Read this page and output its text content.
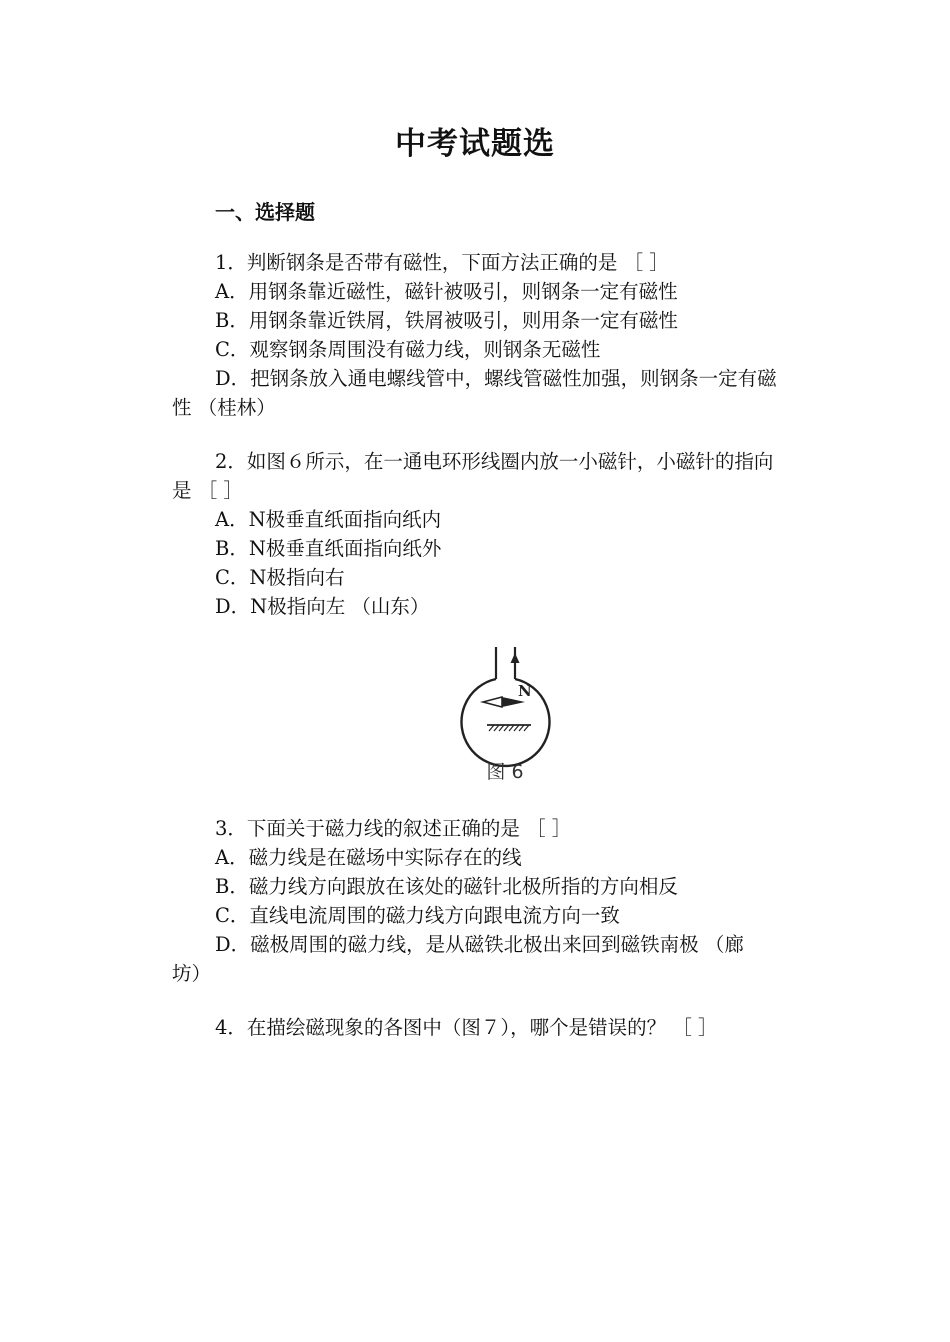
中考试题选
一、选择题
1．判断钢条是否带有磁性，下面方法正确的是 ［ ］
A．用钢条靠近磁性，磁针被吸引，则钢条一定有磁性
B．用钢条靠近铁屑，铁屑被吸引，则用条一定有磁性
C．观察钢条周围没有磁力线，则钢条无磁性
D．把钢条放入通电螺线管中，螺线管磁性加强，则钢条一定有磁
性 （桂林）
2．如图６所示，在一通电环形线圈内放一小磁针，小磁针的指向
是 ［ ］
A．N极垂直纸面指向纸内
B．N极垂直纸面指向纸外
C．N极指向右
D．N极指向左 （山东）
N
图 6
3．下面关于磁力线的叙述正确的是 ［ ］
A．磁力线是在磁场中实际存在的线
B．磁力线方向跟放在该处的磁针北极所指的方向相反
C．直线电流周围的磁力线方向跟电流方向一致
D．磁极周围的磁力线，是从磁铁北极出来回到磁铁南极 （廊
坊）
4．在描绘磁现象的各图中（图７），哪个是错误的？ ［ ］
